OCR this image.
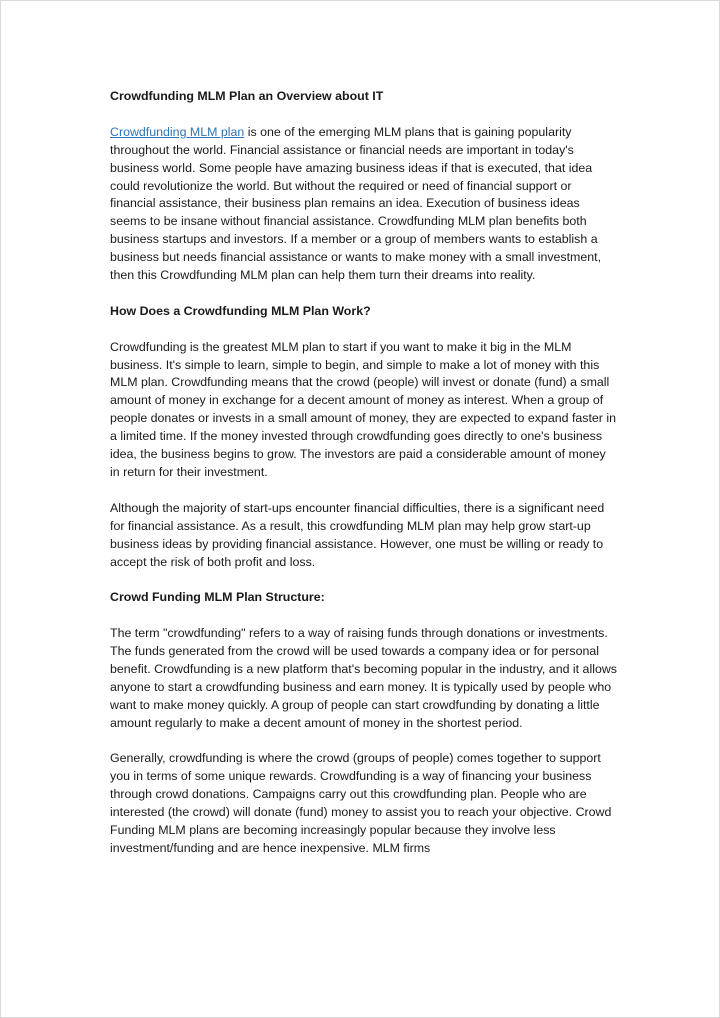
Crowdfunding MLM Plan an Overview about IT

Crowdfunding MLM plan is one of the emerging MLM plans that is gaining popularity throughout the world. Financial assistance or financial needs are important in today's business world. Some people have amazing business ideas if that is executed, that idea could revolutionize the world. But without the required or need of financial support or financial assistance, their business plan remains an idea. Execution of business ideas seems to be insane without financial assistance. Crowdfunding MLM plan benefits both business startups and investors. If a member or a group of members wants to establish a business but needs financial assistance or wants to make money with a small investment, then this Crowdfunding MLM plan can help them turn their dreams into reality.

How Does a Crowdfunding MLM Plan Work?

Crowdfunding is the greatest MLM plan to start if you want to make it big in the MLM business. It's simple to learn, simple to begin, and simple to make a lot of money with this MLM plan. Crowdfunding means that the crowd (people) will invest or donate (fund) a small amount of money in exchange for a decent amount of money as interest. When a group of people donates or invests in a small amount of money, they are expected to expand faster in a limited time. If the money invested through crowdfunding goes directly to one's business idea, the business begins to grow. The investors are paid a considerable amount of money in return for their investment.

Although the majority of start-ups encounter financial difficulties, there is a significant need for financial assistance. As a result, this crowdfunding MLM plan may help grow start-up business ideas by providing financial assistance. However, one must be willing or ready to accept the risk of both profit and loss.

Crowd Funding MLM Plan Structure:

The term "crowdfunding" refers to a way of raising funds through donations or investments. The funds generated from the crowd will be used towards a company idea or for personal benefit. Crowdfunding is a new platform that's becoming popular in the industry, and it allows anyone to start a crowdfunding business and earn money. It is typically used by people who want to make money quickly. A group of people can start crowdfunding by donating a little amount regularly to make a decent amount of money in the shortest period.

Generally, crowdfunding is where the crowd (groups of people) comes together to support you in terms of some unique rewards. Crowdfunding is a way of financing your business through crowd donations. Campaigns carry out this crowdfunding plan. People who are interested (the crowd) will donate (fund) money to assist you to reach your objective. Crowd Funding MLM plans are becoming increasingly popular because they involve less investment/funding and are hence inexpensive. MLM firms
